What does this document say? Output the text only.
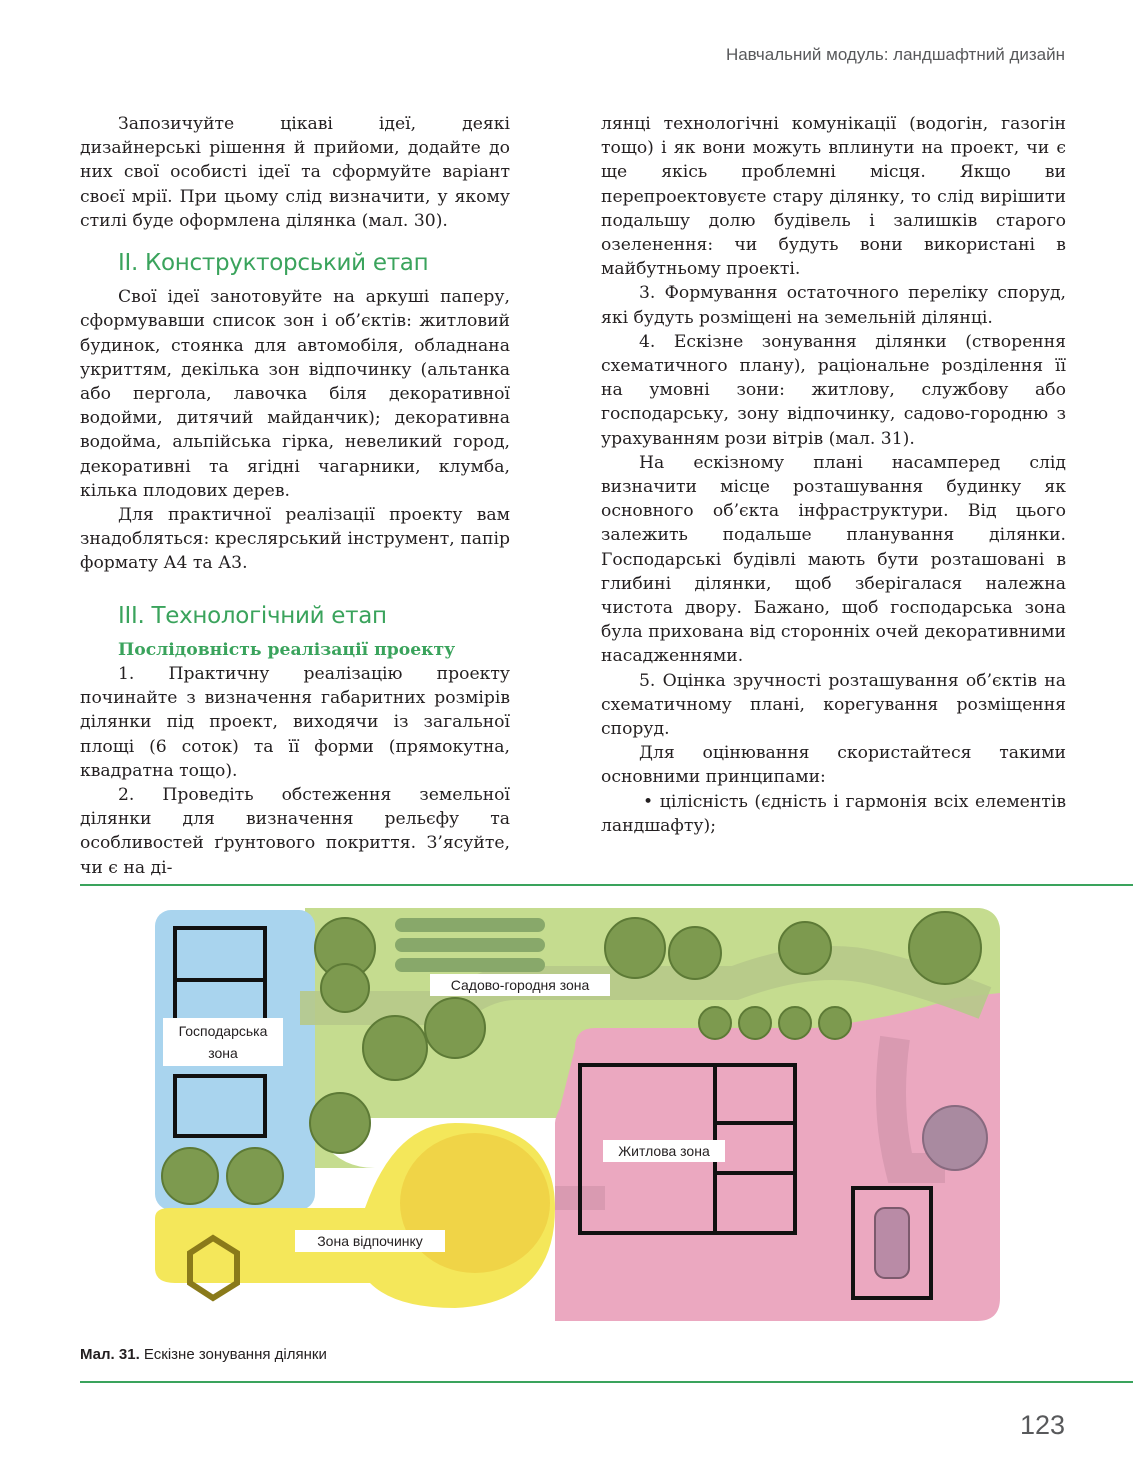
Навчальний модуль: ландшафтний дизайн

Запозичуйте цікаві ідеї, деякі дизайнерські рішення й прийоми, додайте до них свої особисті ідеї та сформуйте варіант своєї мрії. При цьому слід визначити, у якому стилі буде оформлена ділянка (мал. 30).

II. Конструкторський етап

Свої ідеї занотовуйте на аркуші паперу, сформувавши список зон і об’єктів: житловий будинок, стоянка для автомобіля, обладнана укриттям, декілька зон відпочинку (альтанка або пергола, лавочка біля декоративної водойми, дитячий майданчик); декоративна водойма, альпійська гірка, невеликий город, декоративні та ягідні чагарники, клумба, кілька плодових дерев.

Для практичної реалізації проекту вам знадобляться: креслярський інструмент, папір формату А4 та А3.

III. Технологічний етап
Послідовність реалізації проекту

1. Практичну реалізацію проекту починайте з визначення габаритних розмірів ділянки під проект, виходячи із загальної площі (6 соток) та її форми (прямокутна, квадратна тощо).

2. Проведіть обстеження земельної ділянки для визначення рельєфу та особливостей ґрунтового покриття. З’ясуйте, чи є на ді-

лянці технологічні комунікації (водогін, газогін тощо) і як вони можуть вплинути на проект, чи є ще якісь проблемні місця. Якщо ви перепроектовуєте стару ділянку, то слід вирішити подальшу долю будівель і залишків старого озеленення: чи будуть вони використані в майбутньому проекті.

3. Формування остаточного переліку споруд, які будуть розміщені на земельній ділянці.

4. Ескізне зонування ділянки (створення схематичного плану), раціональне розділення її на умовні зони: житлову, службову або господарську, зону відпочинку, садово-городню з урахуванням рози вітрів (мал. 31).

На ескізному плані насамперед слід визначити місце розташування будинку як основного об’єкта інфраструктури. Від цього залежить подальше планування ділянки. Господарські будівлі мають бути розташовані в глибині ділянки, щоб зберігалася належна чистота двору. Бажано, щоб господарська зона була прихована від сторонніх очей декоративними насадженнями.

5. Оцінка зручності розташування об’єктів на схематичному плані, корегування розміщення споруд.

Для оцінювання скористайтеся такими основними принципами:

• цілісність (єдність і гармонія всіх елементів ландшафту);

Садово-городня зона
Господарська
зона
Житлова зона
Зона відпочинку
Мал. 31. Ескізне зонування ділянки
123
